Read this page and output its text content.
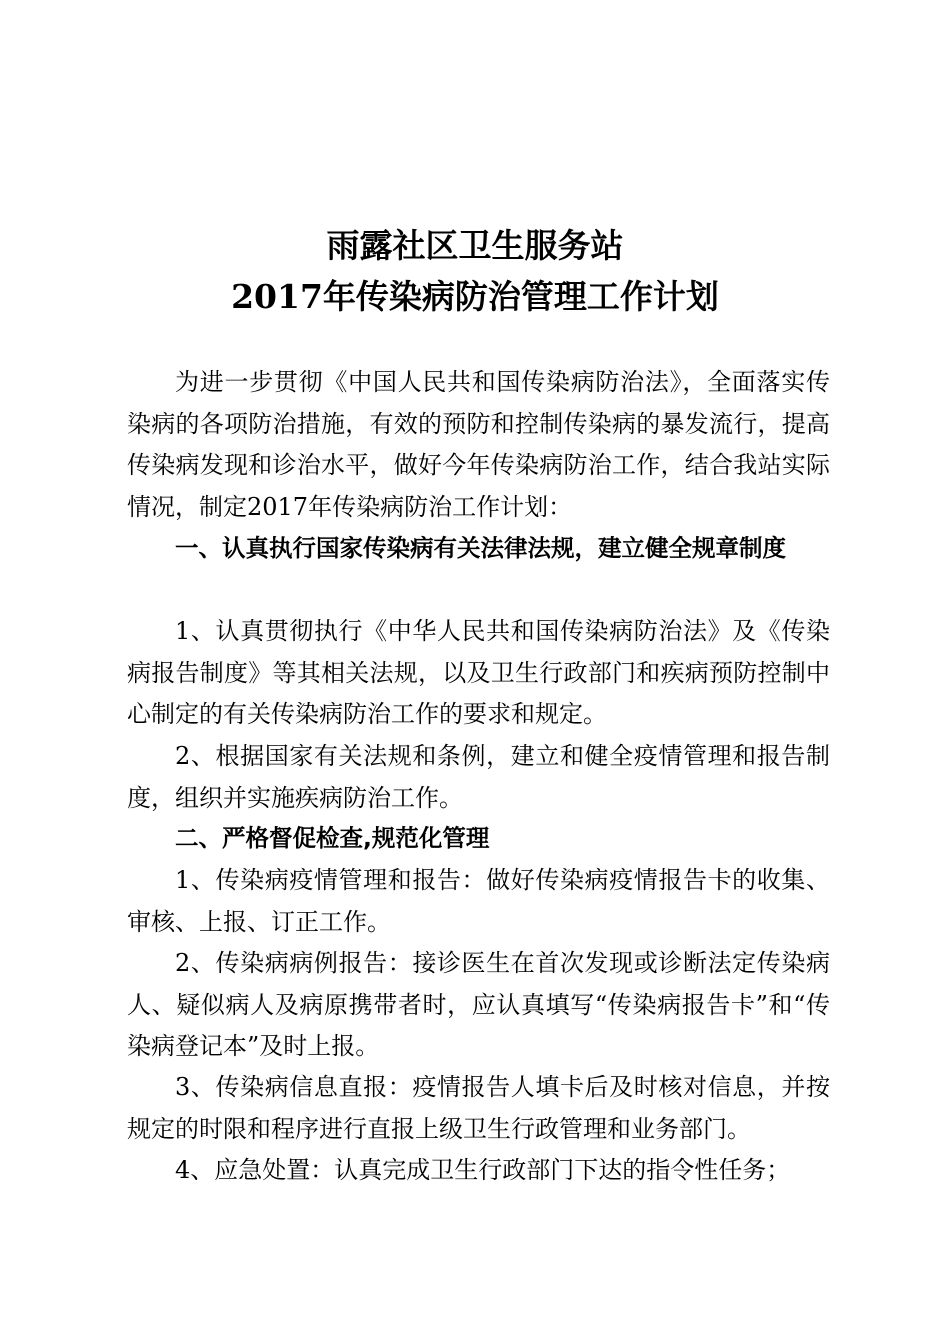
雨露社区卫生服务站
2017年传染病防治管理工作计划

为进一步贯彻《中国人民共和国传染病防治法》，全面落实传染病的各项防治措施，有效的预防和控制传染病的暴发流行，提高传染病发现和诊治水平，做好今年传染病防治工作，结合我站实际情况，制定2017年传染病防治工作计划：

一、认真执行国家传染病有关法律法规，建立健全规章制度

1、认真贯彻执行《中华人民共和国传染病防治法》及《传染病报告制度》等其相关法规，以及卫生行政部门和疾病预防控制中心制定的有关传染病防治工作的要求和规定。

2、根据国家有关法规和条例，建立和健全疫情管理和报告制度，组织并实施疾病防治工作。

二、严格督促检查,规范化管理

1、传染病疫情管理和报告：做好传染病疫情报告卡的收集、审核、上报、订正工作。

2、传染病病例报告：接诊医生在首次发现或诊断法定传染病人、疑似病人及病原携带者时，应认真填写“传染病报告卡”和“传染病登记本”及时上报。

3、传染病信息直报：疫情报告人填卡后及时核对信息，并按规定的时限和程序进行直报上级卫生行政管理和业务部门。

4、应急处置：认真完成卫生行政部门下达的指令性任务；
